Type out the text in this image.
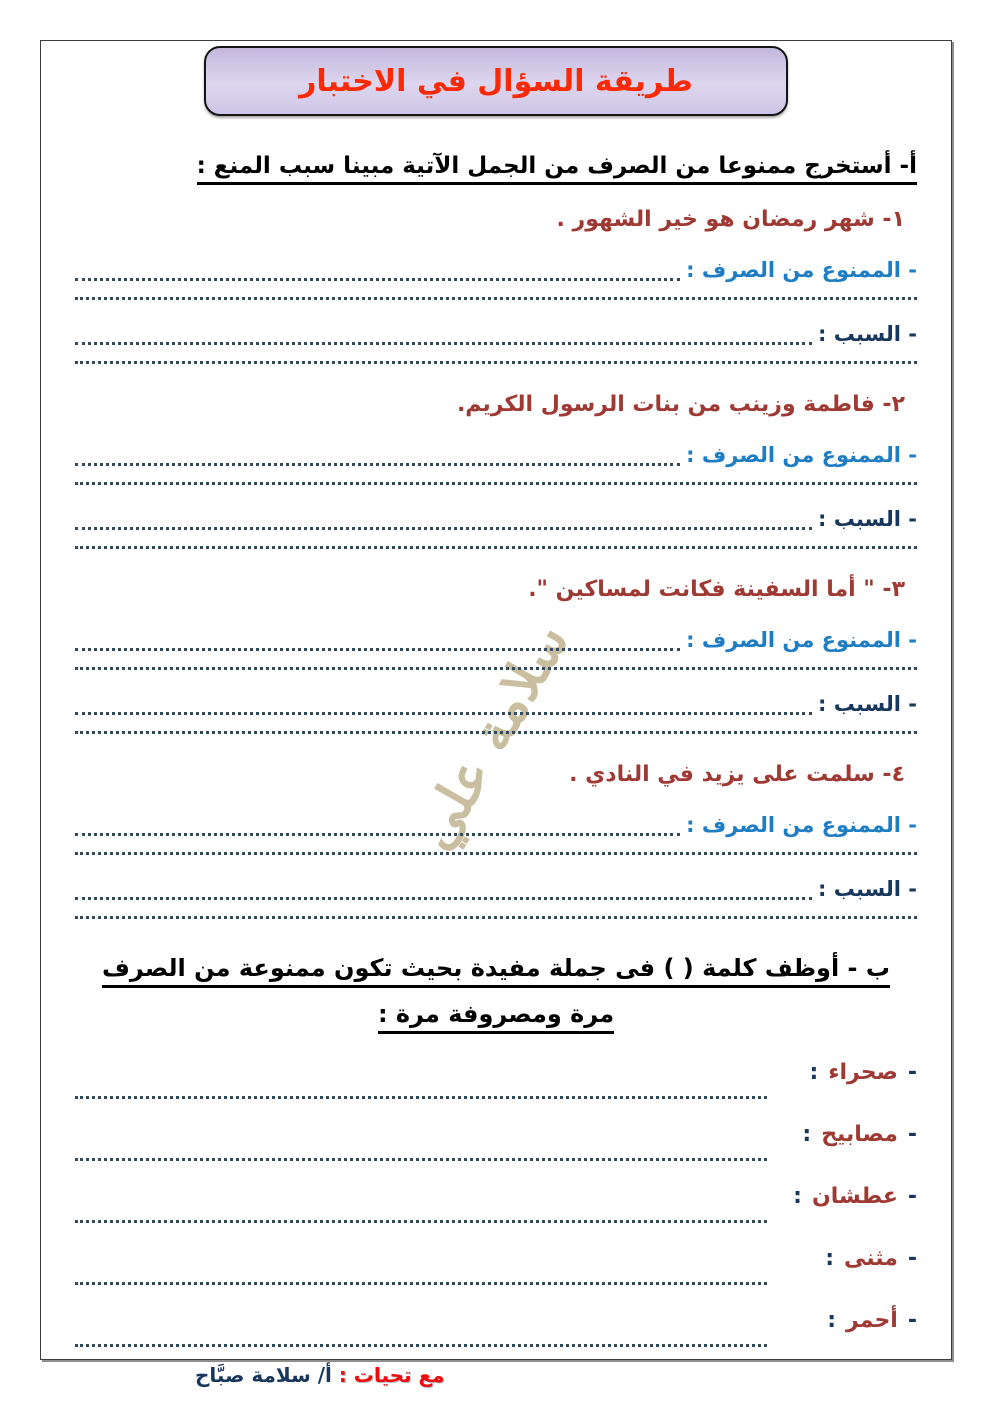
سلامة علي
طريقة السؤال في الاختبار
أ- أستخرج ممنوعا من الصرف من الجمل الآتية مبينا سبب المنع :
١- شهر رمضان هو خير الشهور .
- الممنوع من الصرف :
- السبب :
٢- فاطمة وزينب من بنات الرسول الكريم.
- الممنوع من الصرف :
- السبب :
٣- " أما السفينة فكانت لمساكين ".
- الممنوع من الصرف :
- السبب :
٤- سلمت على يزيد في النادي .
- الممنوع من الصرف :
- السبب :
ب - أوظف كلمة ( ) فى جملة مفيدة بحيث تكون ممنوعة من الصرف
مرة ومصروفة مرة :
-صحراء:
-مصابيح:
-عطشان:
-مثنى:
-أحمر:
مع تحيات : أ/ سلامة صبَّاح
